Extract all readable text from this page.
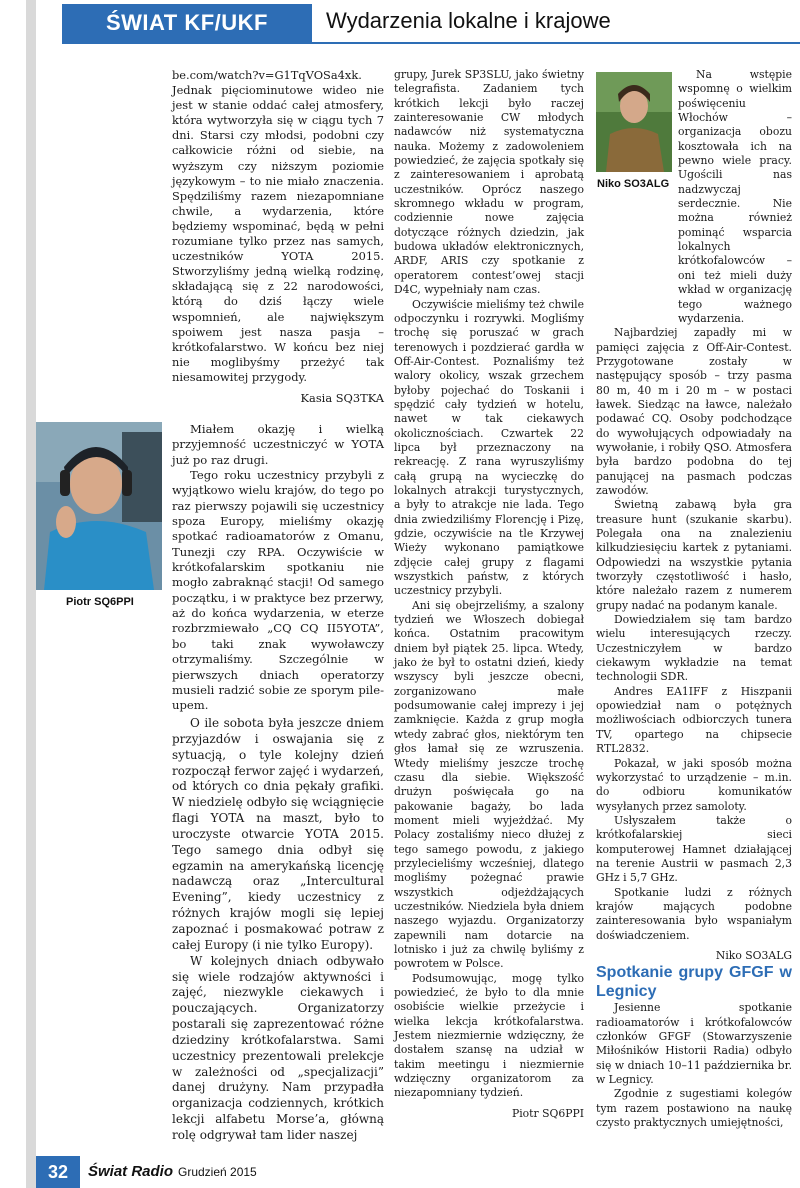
ŚWIAT KF/UKF	Wydarzenia lokalne i krajowe

be.com/watch?v=G1TqVOSa4xk. Jednak pięciominutowe wideo nie jest w stanie oddać całej atmosfery, która wytworzyła się w ciągu tych 7 dni. Starsi czy młodsi, podobni czy całkowicie różni od siebie, na wyższym czy niższym poziomie językowym – to nie miało znaczenia. Spędziliśmy razem niezapomniane chwile, a wydarzenia, które będziemy wspominać, będą w pełni rozumiane tylko przez nas samych, uczestników YOTA 2015. Stworzyliśmy jedną wielką rodzinę, składającą się z 22 narodowości, którą do dziś łączy wiele wspomnień, ale największym spoiwem jest nasza pasja – krótkofalarstwo. W końcu bez niej nie moglibyśmy przeżyć tak niesamowitej przygody.

Kasia SQ3TKA

Piotr SQ6PPI

Miałem okazję i wielką przyjemność uczestniczyć w YOTA już po raz drugi.

Tego roku uczestnicy przybyli z wyjątkowo wielu krajów, do tego po raz pierwszy pojawili się uczestnicy spoza Europy, mieliśmy okazję spotkać radioamatorów z Omanu, Tunezji czy RPA. Oczywiście w krótkofalarskim spotkaniu nie mogło zabraknąć stacji! Od samego początku, i w praktyce bez przerwy, aż do końca wydarzenia, w eterze rozbrzmiewało „CQ CQ II5YOTA”, bo taki znak wywoławczy otrzymaliśmy. Szczególnie w pierwszych dniach operatorzy musieli radzić sobie ze sporym pile-upem.

O ile sobota była jeszcze dniem przyjazdów i oswajania się z sytuacją, o tyle kolejny dzień rozpoczął ferwor zajęć i wydarzeń, od których co dnia pękały grafiki. W niedzielę odbyło się wciągnięcie flagi YOTA na maszt, było to uroczyste otwarcie YOTA 2015. Tego samego dnia odbył się egzamin na amerykańską licencję nadawczą oraz „Intercultural Evening”, kiedy uczestnicy z różnych krajów mogli się lepiej zapoznać i posmakować potraw z całej Europy (i nie tylko Europy).

W kolejnych dniach odbywało się wiele rodzajów aktywności i zajęć, niezwykle ciekawych i pouczających. Organizatorzy postarali się zaprezentować różne dziedziny krótkofalarstwa. Sami uczestnicy prezentowali prelekcje w zależności od „specjalizacji” danej drużyny. Nam przypadła organizacja codziennych, krótkich lekcji alfabetu Morse’a, główną rolę odgrywał tam lider naszej

grupy, Jurek SP3SLU, jako świetny telegrafista. Zadaniem tych krótkich lekcji było raczej zainteresowanie CW młodych nadawców niż systematyczna nauka. Możemy z zadowoleniem powiedzieć, że zajęcia spotkały się z zainteresowaniem i aprobatą uczestników. Oprócz naszego skromnego wkładu w program, codziennie nowe zajęcia dotyczące różnych dziedzin, jak budowa układów elektronicznych, ARDF, ARIS czy spotkanie z operatorem contest’owej stacji D4C, wypełniały nam czas.

Oczywiście mieliśmy też chwile odpoczynku i rozrywki. Mogliśmy trochę się poruszać w grach terenowych i pozdzierać gardła w Off-Air-Contest. Poznaliśmy też walory okolicy, wszak grzechem byłoby pojechać do Toskanii i spędzić cały tydzień w hotelu, nawet w tak ciekawych okolicznościach. Czwartek 22 lipca był przeznaczony na rekreację. Z rana wyruszyliśmy całą grupą na wycieczkę do lokalnych atrakcji turystycznych, a były to atrakcje nie lada. Tego dnia zwiedziliśmy Florencję i Pizę, gdzie, oczywiście na tle Krzywej Wieży wykonano pamiątkowe zdjęcie całej grupy z flagami wszystkich państw, z których uczestnicy przybyli.

Ani się obejrzeliśmy, a szalony tydzień we Włoszech dobiegał końca. Ostatnim pracowitym dniem był piątek 25. lipca. Wtedy, jako że był to ostatni dzień, kiedy wszyscy byli jeszcze obecni, zorganizowano małe podsumowanie całej imprezy i jej zamknięcie. Każda z grup mogła wtedy zabrać głos, niektórym ten głos łamał się ze wzruszenia. Wtedy mieliśmy jeszcze trochę czasu dla siebie. Większość drużyn poświęcała go na pakowanie bagaży, bo lada moment mieli wyjeżdżać. My Polacy zostaliśmy nieco dłużej z tego samego powodu, z jakiego przylecieliśmy wcześniej, dlatego mogliśmy pożegnać prawie wszystkich odjeżdżających uczestników. Niedziela była dniem naszego wyjazdu. Organizatorzy zapewnili nam dotarcie na lotnisko i już za chwilę byliśmy z powrotem w Polsce.

Podsumowując, mogę tylko powiedzieć, że było to dla mnie osobiście wielkie przeżycie i wielka lekcja krótkofalarstwa. Jestem niezmiernie wdzięczny, że dostałem szansę na udział w takim meetingu i niezmiernie wdzięczny organizatorom za niezapomniany tydzień.

Piotr SQ6PPI

Niko SO3ALG

Na wstępie wspomnę o wielkim poświęceniu Włochów – organizacja obozu kosztowała ich na pewno wiele pracy. Ugościli nas nadzwyczaj serdecznie. Nie można również pominąć wsparcia lokalnych krótkofalowców – oni też mieli duży wkład w organizację tego ważnego wydarzenia.

Najbardziej zapadły mi w pamięci zajęcia z Off-Air-Contest. Przygotowane zostały w następujący sposób – trzy pasma 80 m, 40 m i 20 m – w postaci ławek. Siedząc na ławce, należało podawać CQ. Osoby podchodzące do wywołujących odpowiadały na wywołanie, i robiły QSO. Atmosfera była bardzo podobna do tej panującej na pasmach podczas zawodów.

Świetną zabawą była gra treasure hunt (szukanie skarbu). Polegała ona na znalezieniu kilkudziesięciu kartek z pytaniami. Odpowiedzi na wszystkie pytania tworzyły częstotliwość i hasło, które należało razem z numerem grupy nadać na podanym kanale.

Dowiedziałem się tam bardzo wielu interesujących rzeczy. Uczestniczyłem w bardzo ciekawym wykładzie na temat technologii SDR.

Andres EA1IFF z Hiszpanii opowiedział nam o potężnych możliwościach odbiorczych tunera TV, opartego na chipsecie RTL2832.

Pokazał, w jaki sposób można wykorzystać to urządzenie – m.in. do odbioru komunikatów wysyłanych przez samoloty.

Usłyszałem także o krótkofalarskiej sieci komputerowej Hamnet działającej na terenie Austrii w pasmach 2,3 GHz i 5,7 GHz.

Spotkanie ludzi z różnych krajów mających podobne zainteresowania było wspaniałym doświadczeniem.

Niko SO3ALG

Spotkanie grupy GFGF w Legnicy

Jesienne spotkanie radioamatorów i krótkofalowców członków GFGF (Stowarzyszenie Miłośników Historii Radia) odbyło się w dniach 10–11 października br. w Legnicy.

Zgodnie z sugestiami kolegów tym razem postawiono na naukę czysto praktycznych umiejętności,

32	Świat Radio Grudzień 2015
